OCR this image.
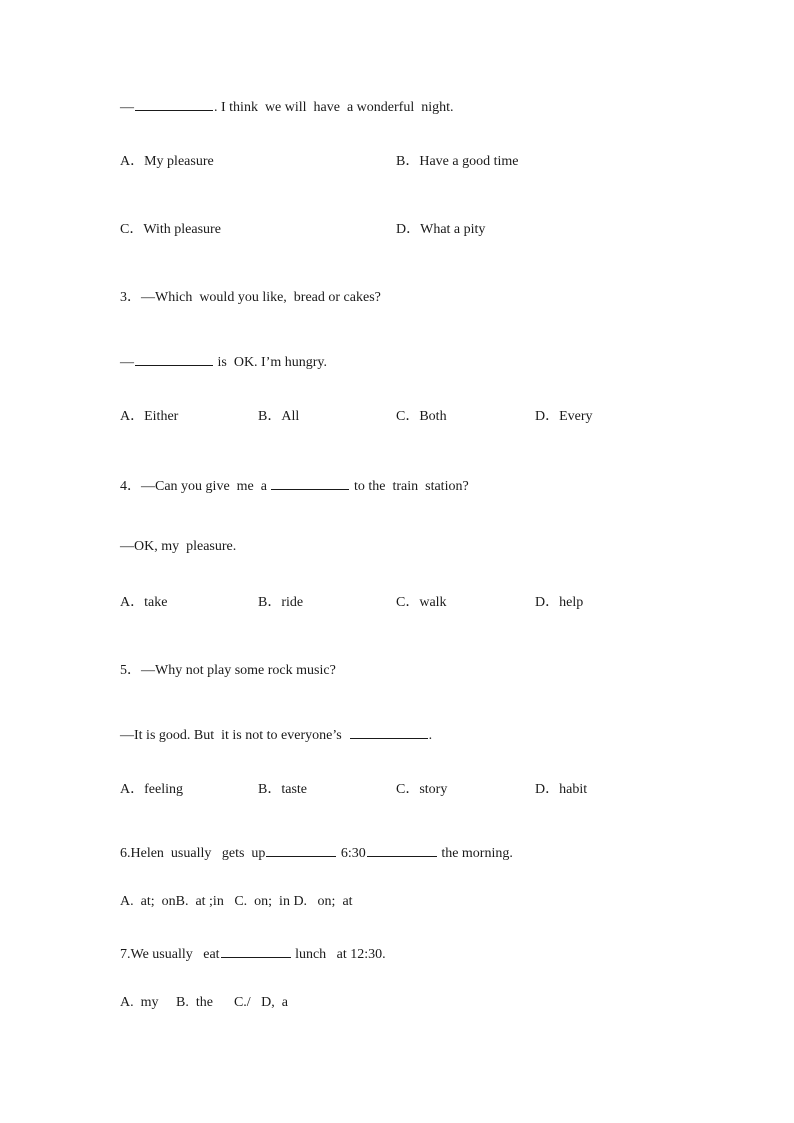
—	. I think  we will  have  a wonderful  night.
A．My pleasure	B．Have a good time
C．With pleasure	D．What a pity
3．—Which  would you like,  bread or cakes?
—	is  OK. I’m hungry.
A．Either	B．All	C．Both	D．Every
4．—Can you give  me  a	to the  train  station?
—OK, my  pleasure.
A．take	B．ride	C．walk	D．help
5．—Why not play some rock music?
—It is good. But  it is not to everyone’s	.
A．feeling	B．taste	C．story	D．habit
6.Helen  usually   gets  up	6:30	the morning.
A.  at;  onB.  at ;in   C.  on;  in D.   on;  at
7.We usually   eat	lunch   at 12:30.
A.  my     B.  the      C./   D,  a
